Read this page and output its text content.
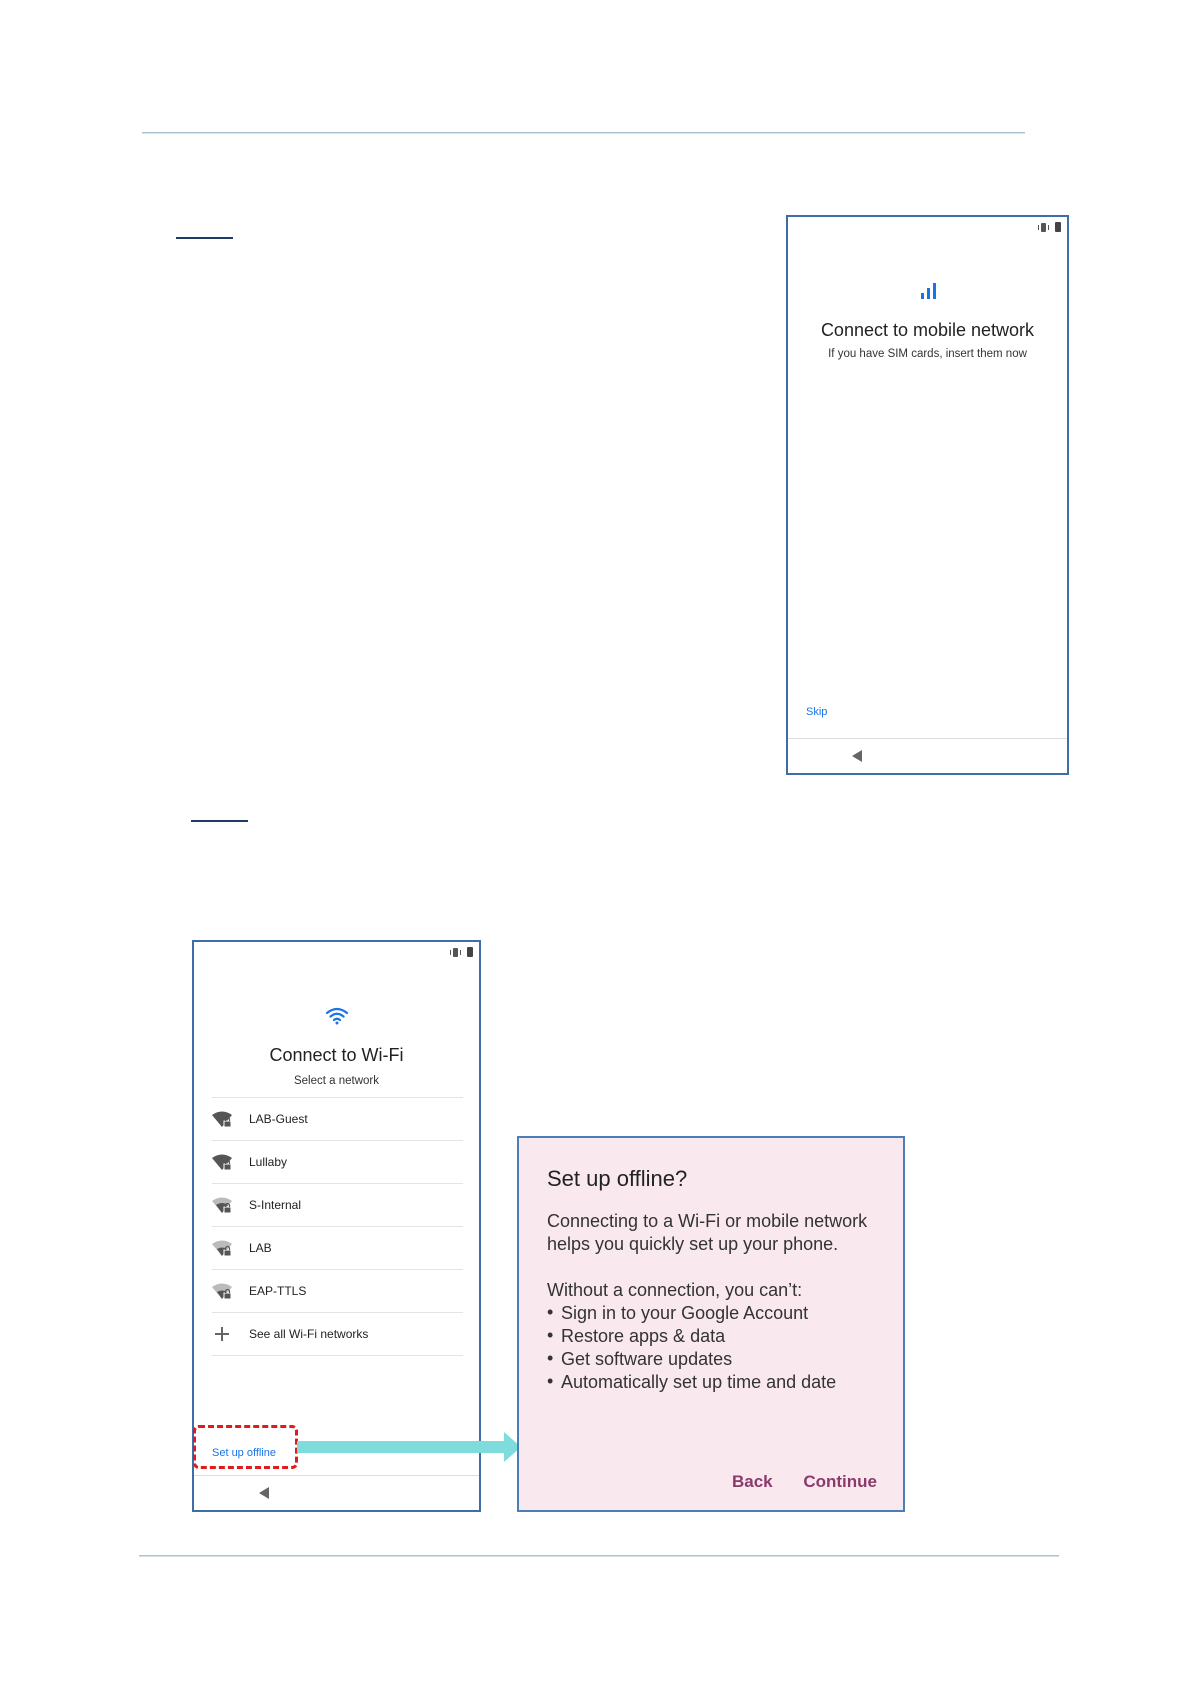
Connect to mobile network
If you have SIM cards, insert them now
Skip
Connect to Wi-Fi
Select a network
LAB-Guest
Lullaby
S-Internal
LAB
EAP-TTLS
See all Wi-Fi networks
Set up offline
Set up offline?
Connecting to a Wi-Fi or mobile network helps you quickly set up your phone.
Without a connection, you can’t:
• Sign in to your Google Account
• Restore apps & data
• Get software updates
• Automatically set up time and date
Back Continue
